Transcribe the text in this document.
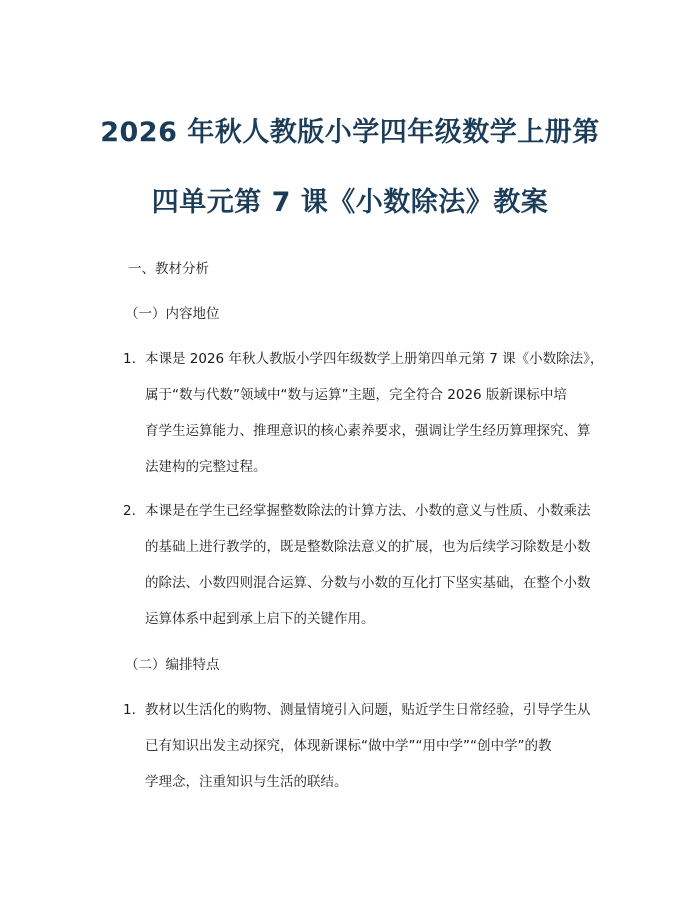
2026 年秋人教版小学四年级数学上册第
四单元第 7 课《小数除法》教案
一、教材分析
（一）内容地位
1. 本课是 2026 年秋人教版小学四年级数学上册第四单元第 7 课《小数除法》，
属于“数与代数”领域中“数与运算”主题，完全符合 2026 版新课标中培
育学生运算能力、推理意识的核心素养要求，强调让学生经历算理探究、算
法建构的完整过程。
2. 本课是在学生已经掌握整数除法的计算方法、小数的意义与性质、小数乘法
的基础上进行教学的，既是整数除法意义的扩展，也为后续学习除数是小数
的除法、小数四则混合运算、分数与小数的互化打下坚实基础，在整个小数
运算体系中起到承上启下的关键作用。
（二）编排特点
1. 教材以生活化的购物、测量情境引入问题，贴近学生日常经验，引导学生从
已有知识出发主动探究，体现新课标“做中学”“用中学”“创中学”的教
学理念，注重知识与生活的联结。
